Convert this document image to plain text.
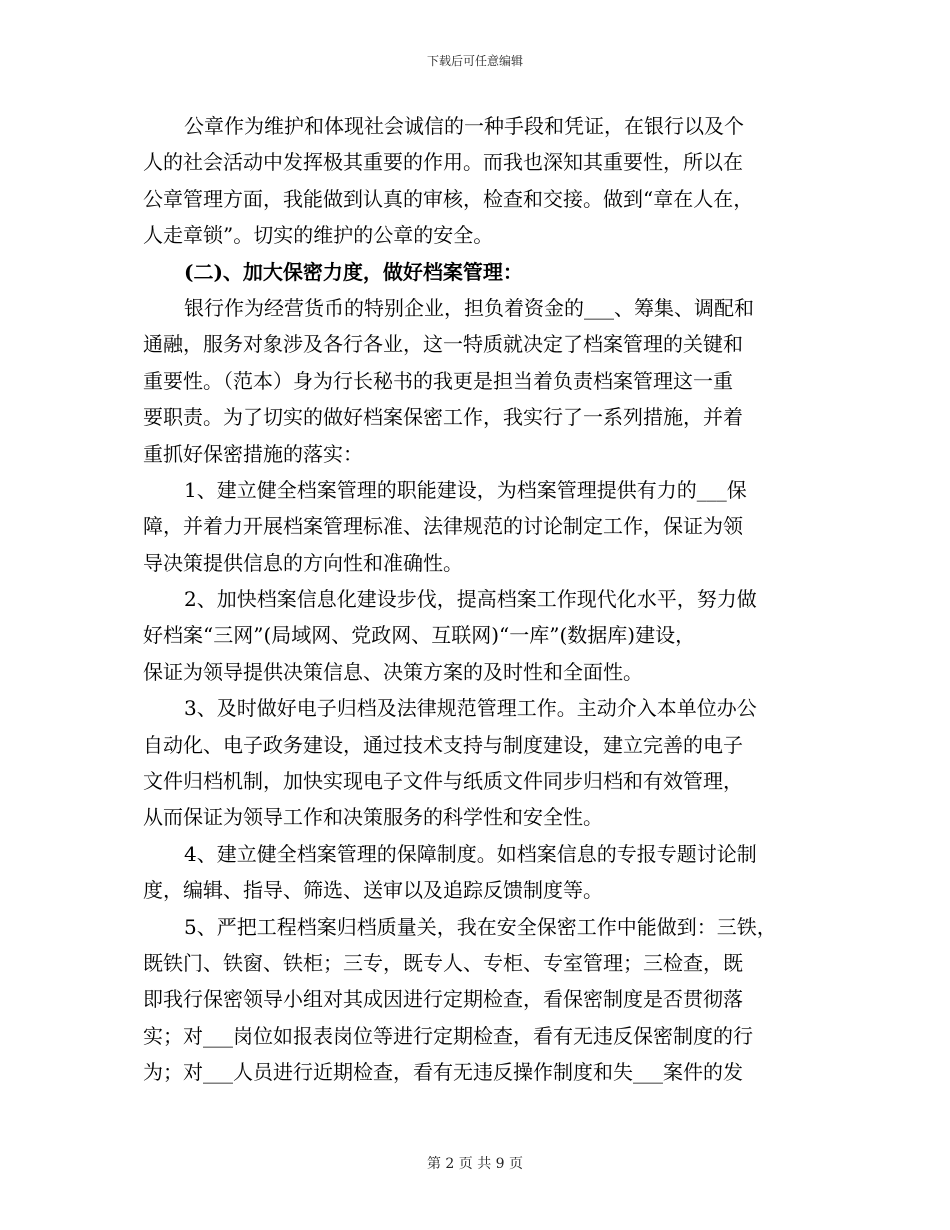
下载后可任意编辑
公章作为维护和体现社会诚信的一种手段和凭证，在银行以及个
人的社会活动中发挥极其重要的作用。而我也深知其重要性，所以在
公章管理方面，我能做到认真的审核，检查和交接。做到“章在人在，
人走章锁”。切实的维护的公章的安全。
(二)、加大保密力度，做好档案管理：
银行作为经营货币的特别企业，担负着资金的___、筹集、调配和
通融，服务对象涉及各行各业，这一特质就决定了档案管理的关键和
重要性。（范本）身为行长秘书的我更是担当着负责档案管理这一重
要职责。为了切实的做好档案保密工作，我实行了一系列措施，并着
重抓好保密措施的落实：
1、建立健全档案管理的职能建设，为档案管理提供有力的___保
障，并着力开展档案管理标准、法律规范的讨论制定工作，保证为领
导决策提供信息的方向性和准确性。
2、加快档案信息化建设步伐，提高档案工作现代化水平，努力做
好档案“三网”(局域网、党政网、互联网)“一库”(数据库)建设，
保证为领导提供决策信息、决策方案的及时性和全面性。
3、及时做好电子归档及法律规范管理工作。主动介入本单位办公
自动化、电子政务建设，通过技术支持与制度建设，建立完善的电子
文件归档机制，加快实现电子文件与纸质文件同步归档和有效管理，
从而保证为领导工作和决策服务的科学性和安全性。
4、建立健全档案管理的保障制度。如档案信息的专报专题讨论制
度，编辑、指导、筛选、送审以及追踪反馈制度等。
5、严把工程档案归档质量关，我在安全保密工作中能做到：三铁，
既铁门、铁窗、铁柜；三专，既专人、专柜、专室管理；三检查，既
即我行保密领导小组对其成因进行定期检查，看保密制度是否贯彻落
实；对___岗位如报表岗位等进行定期检查，看有无违反保密制度的行
为；对___人员进行近期检查，看有无违反操作制度和失___案件的发
第 2 页 共 9 页
